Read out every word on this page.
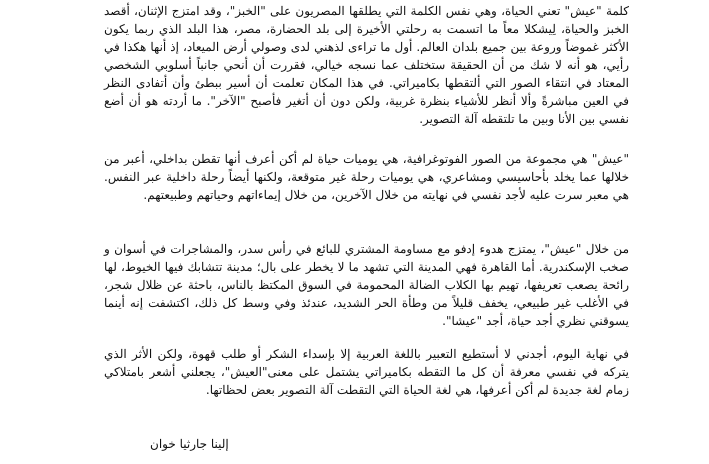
كلمة "عيش" تعني الحياة، وهي نفس الكلمة التي يطلقها المصريون على "الخبز"، وقد امتزج الإثنان، أقصد الخبز والحياة، لِيشكلا معاً ما اتسمت به رحلتي الأخيرة إلى بلد الحضارة، مصر، هذا البلد الذي ربما يكون الأكثر غموضاً وروعة بين جميع بلدان العالم. أول ما تراءى لذهني لدى وصولي أرض الميعاد، إذ أنها هكذا في رأيي، هو أنه لا شك من أن الحقيقة ستختلف عما نسجه خيالي، فقررت أن أنحي جانباً أسلوبي الشخصي المعتاد في انتقاء الصور التي ألتقطها بكاميراتي. في هذا المكان تعلمت أن أسير ببطئ وأن أتفادى النظر في العين مباشرةً وألا أنظر للأشياء بنظرة غربية، ولكن دون أن أتغير فأصبح "الآخر". ما أردته هو أن أضع نفسي بين الأنا وبين ما تلتقطه آلة التصوير.

"عيش" هي مجموعة من الصور الفوتوغرافية، هي يوميات حياة لم أكن أعرف أنها تقطن بداخلي، أعبر من خلالها عما يخلد بأحاسيسي ومشاعري، هي يوميات رحلة غير متوقعة، ولكنها أيضاً رحلة داخلية عبر النفس. هي معبر سرت عليه لأجد نفسي في نهايته من خلال الآخرين، من خلال إيماءاتهم وحياتهم وطبيعتهم.

من خلال "عيش"، يمتزج هدوء إدفو مع مساومة المشتري للبائع في رأس سدر، والمشاجرات في أسوان و صخب الإسكندرية. أما القاهرة فهي المدينة التي تشهد ما لا يخطر على بال؛ مدينة تتشابك فيها الخيوط، لها رائحة يصعب تعريفها، تهيم بها الكلاب الضالة المحمومة في السوق المكتظ بالناس، باحثة عن ظلال شجر، في الأغلب غير طبيعي، يخفف قليلاً من وطأة الحر الشديد، عندئذ وفي وسط كل ذلك، اكتشفت إنه أينما يسوقني نظري أجد حياة، أجد "عيشا".

في نهاية اليوم، أجدني لا أستطيع التعبير باللغة العربية إلا بإسداء الشكر أو طلب قهوة، ولكن الأثر الذي يتركه في نفسي معرفة أن كل ما التقطه بكاميراتي يشتمل على معنى"العيش"، يجعلني أشعر بامتلاكي زمام لغة جديدة لم أكن أعرفها، هي لغة الحياة التي التقطت آلة التصوير بعض لحظاتها.

إلينا جارثيا خوان
